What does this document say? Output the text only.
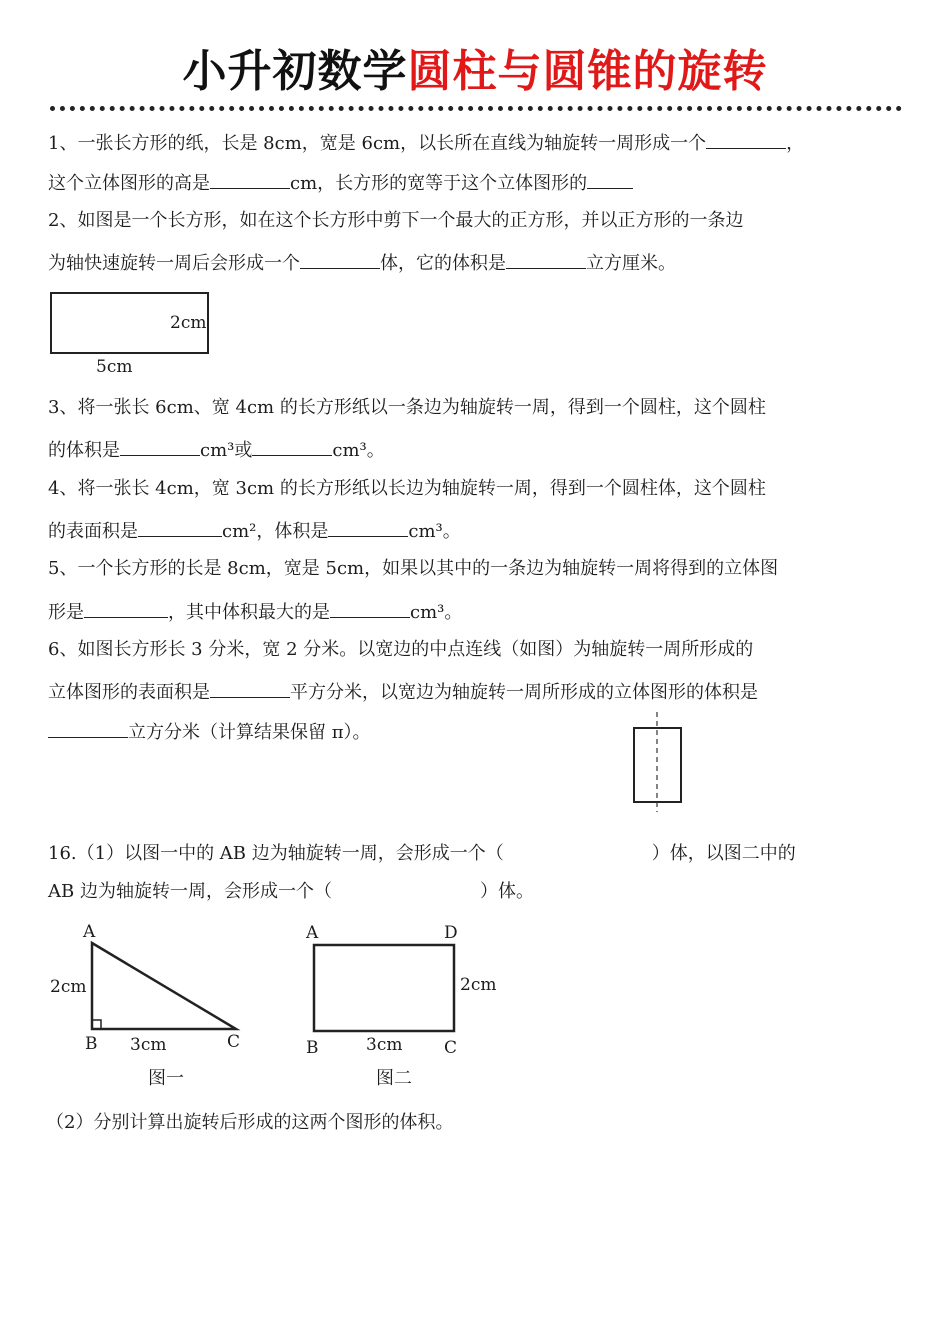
小升初数学圆柱与圆锥的旋转
1、一张长方形的纸，长是 8cm，宽是 6cm，以长所在直线为轴旋转一周形成一个	，
这个立体图形的高是	cm，长方形的宽等于这个立体图形的
2、如图是一个长方形，如在这个长方形中剪下一个最大的正方形，并以正方形的一条边
为轴快速旋转一周后会形成一个	体，它的体积是	立方厘米。
2cm
5cm
3、将一张长 6cm、宽 4cm 的长方形纸以一条边为轴旋转一周，得到一个圆柱，这个圆柱
的体积是	cm³或	cm³。
4、将一张长 4cm，宽 3cm 的长方形纸以长边为轴旋转一周，得到一个圆柱体，这个圆柱
的表面积是	cm²，体积是	cm³。
5、一个长方形的长是 8cm，宽是 5cm，如果以其中的一条边为轴旋转一周将得到的立体图
形是	，其中体积最大的是	cm³。
6、如图长方形长 3 分米，宽 2 分米。以宽边的中点连线（如图）为轴旋转一周所形成的
立体图形的表面积是	平方分米，以宽边为轴旋转一周所形成的立体图形的体积是
立方分米（计算结果保留 π）。
16.（1）以图一中的 AB 边为轴旋转一周，会形成一个（	）体，以图二中的
AB 边为轴旋转一周，会形成一个（	）体。
A
B	C
2cm
3cm
图一
A	D
B	C
2cm
3cm
图二
（2）分别计算出旋转后形成的这两个图形的体积。
